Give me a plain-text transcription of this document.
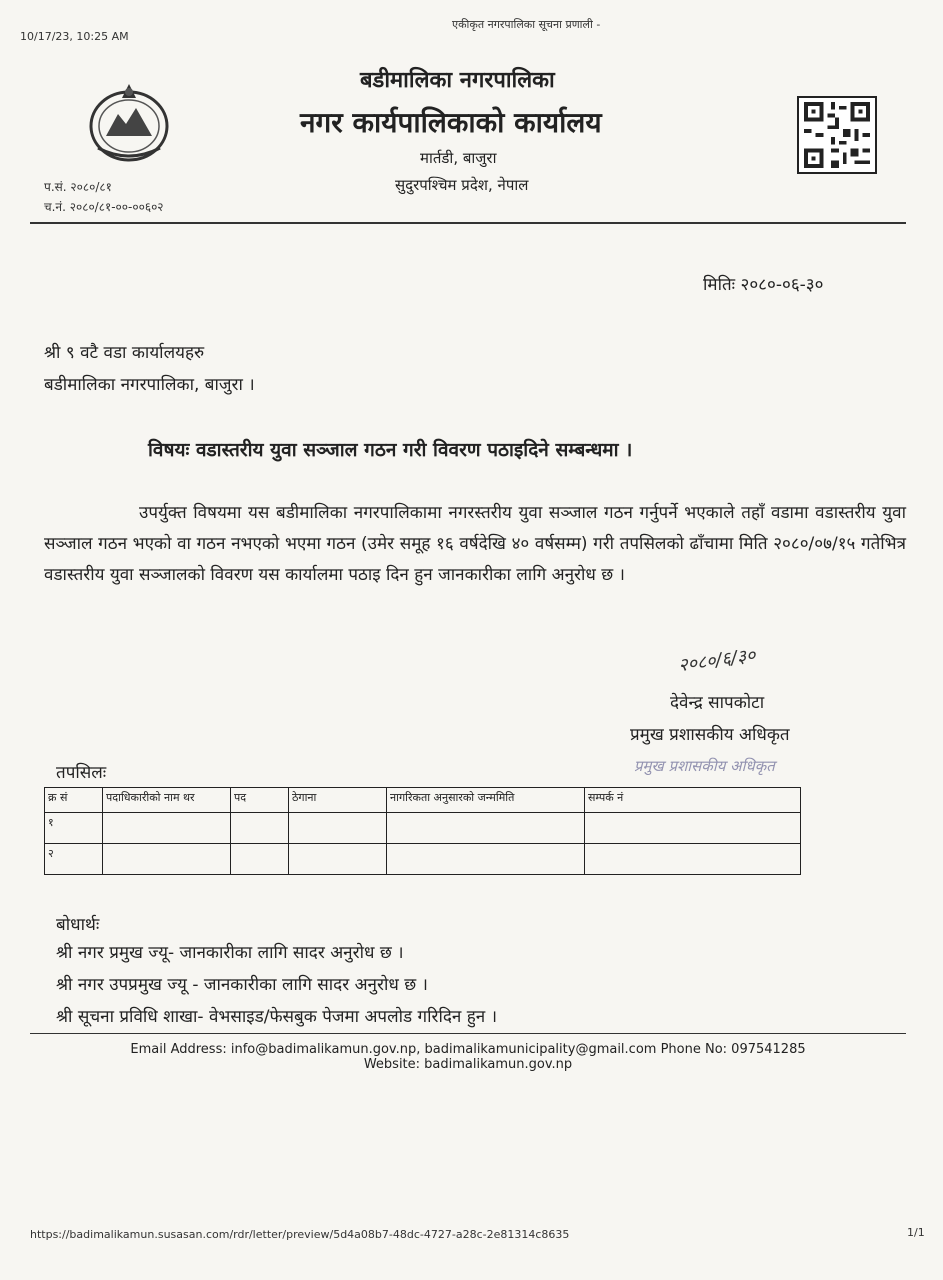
10/17/23, 10:25 AM
एकीकृत नगरपालिका सूचना प्रणाली -
बडीमालिका नगरपालिका
नगर कार्यपालिकाको कार्यालय
मार्तडी, बाजुरा
सुदुरपश्चिम प्रदेश, नेपाल
प.सं. २०८०/८१
च.नं. २०८०/८१-००-००६०२
मितिः २०८०-०६-३०
श्री ९ वटै वडा कार्यालयहरु
बडीमालिका नगरपालिका, बाजुरा ।
विषयः वडास्तरीय युवा सञ्जाल गठन गरी विवरण पठाइदिने सम्बन्धमा ।
उपर्युक्त विषयमा यस बडीमालिका नगरपालिकामा नगरस्तरीय युवा सञ्जाल गठन गर्नुपर्ने भएकाले तहाँ वडामा वडास्तरीय युवा सञ्जाल गठन भएको वा गठन नभएको भएमा गठन (उमेर समूह १६ वर्षदेखि ४० वर्षसम्म) गरी तपसिलको ढाँचामा मिति २०८०/०७/१५ गतेभित्र वडास्तरीय युवा सञ्जालको विवरण यस कार्यालमा पठाइ दिन हुन जानकारीका लागि अनुरोध छ ।
२०८०/६/३०
देवेन्द्र सापकोटा
प्रमुख प्रशासकीय अधिकृत
प्रमुख प्रशासकीय अधिकृत
तपसिलः
क्र सं	पदाधिकारीको नाम थर	पद	ठेगाना	नागरिकता अनुसारको जन्ममिति	सम्पर्क नं
१					
२					
बोधार्थः
श्री नगर प्रमुख ज्यू- जानकारीका लागि सादर अनुरोध छ ।
श्री नगर उपप्रमुख ज्यू - जानकारीका लागि सादर अनुरोध छ ।
श्री सूचना प्रविधि शाखा- वेभसाइड/फेसबुक पेजमा अपलोड गरिदिन हुन ।
Email Address: info@badimalikamun.gov.np, badimalikamunicipality@gmail.com Phone No: 097541285
Website: badimalikamun.gov.np
https://badimalikamun.susasan.com/rdr/letter/preview/5d4a08b7-48dc-4727-a28c-2e81314c8635	1/1
